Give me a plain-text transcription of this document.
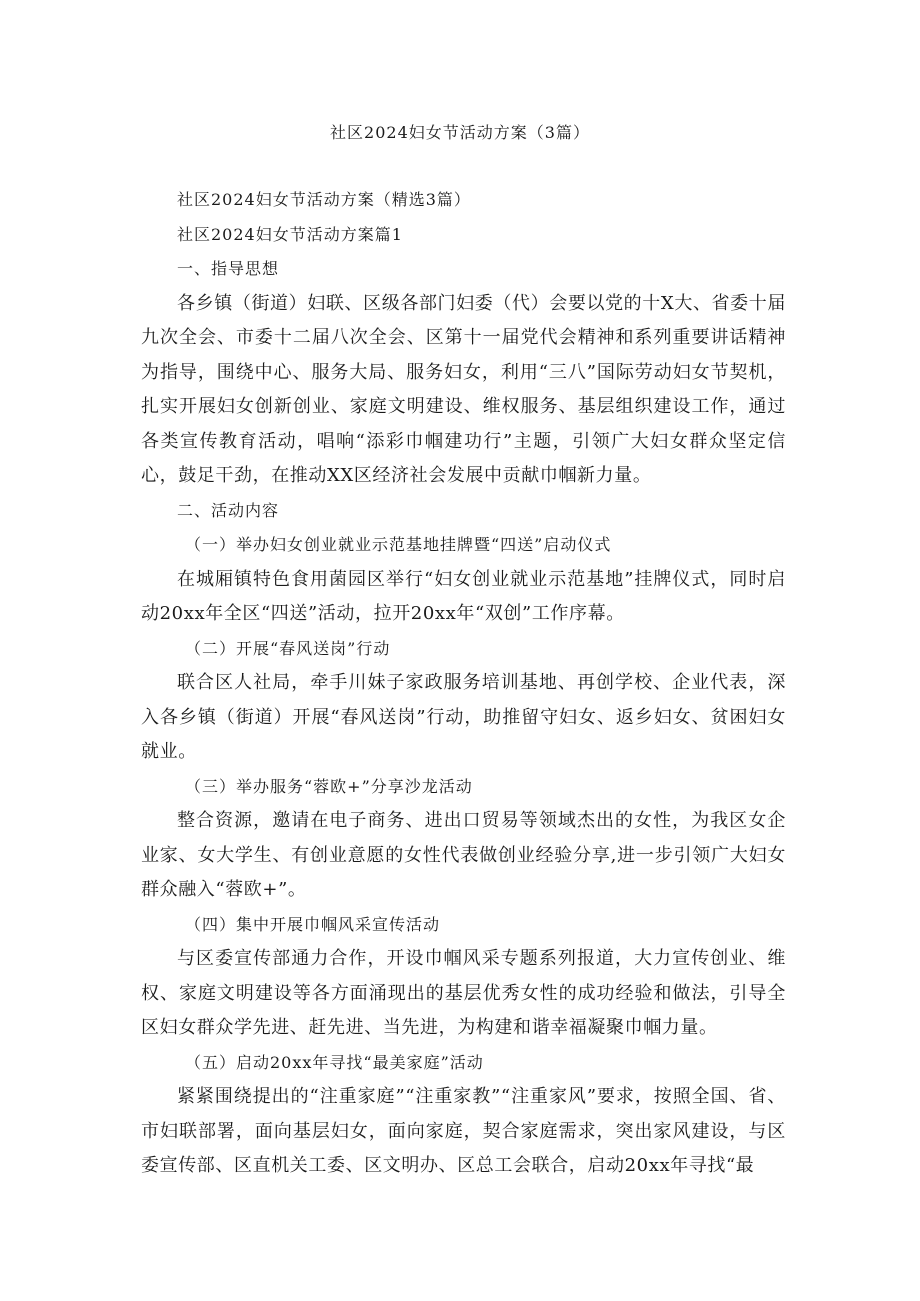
社区2024妇女节活动方案（3篇）

社区2024妇女节活动方案（精选3篇）

社区2024妇女节活动方案篇1

一、指导思想

各乡镇（街道）妇联、区级各部门妇委（代）会要以党的十X大、省委十届九次全会、市委十二届八次全会、区第十一届党代会精神和系列重要讲话精神为指导，围绕中心、服务大局、服务妇女，利用“三八”国际劳动妇女节契机，扎实开展妇女创新创业、家庭文明建设、维权服务、基层组织建设工作，通过各类宣传教育活动，唱响“添彩巾帼建功行”主题，引领广大妇女群众坚定信心，鼓足干劲，在推动XX区经济社会发展中贡献巾帼新力量。

二、活动内容

（一）举办妇女创业就业示范基地挂牌暨“四送”启动仪式

在城厢镇特色食用菌园区举行“妇女创业就业示范基地”挂牌仪式，同时启动20xx年全区“四送”活动，拉开20xx年“双创”工作序幕。

（二）开展“春风送岗”行动

联合区人社局，牵手川妹子家政服务培训基地、再创学校、企业代表，深入各乡镇（街道）开展“春风送岗”行动，助推留守妇女、返乡妇女、贫困妇女就业。

（三）举办服务“蓉欧+”分享沙龙活动

整合资源，邀请在电子商务、进出口贸易等领域杰出的女性，为我区女企业家、女大学生、有创业意愿的女性代表做创业经验分享,进一步引领广大妇女群众融入“蓉欧+”。

（四）集中开展巾帼风采宣传活动

与区委宣传部通力合作，开设巾帼风采专题系列报道，大力宣传创业、维权、家庭文明建设等各方面涌现出的基层优秀女性的成功经验和做法，引导全区妇女群众学先进、赶先进、当先进，为构建和谐幸福凝聚巾帼力量。

（五）启动20xx年寻找“最美家庭”活动

紧紧围绕提出的“注重家庭”“注重家教”“注重家风”要求，按照全国、省、市妇联部署，面向基层妇女，面向家庭，契合家庭需求，突出家风建设，与区委宣传部、区直机关工委、区文明办、区总工会联合，启动20xx年寻找“最
